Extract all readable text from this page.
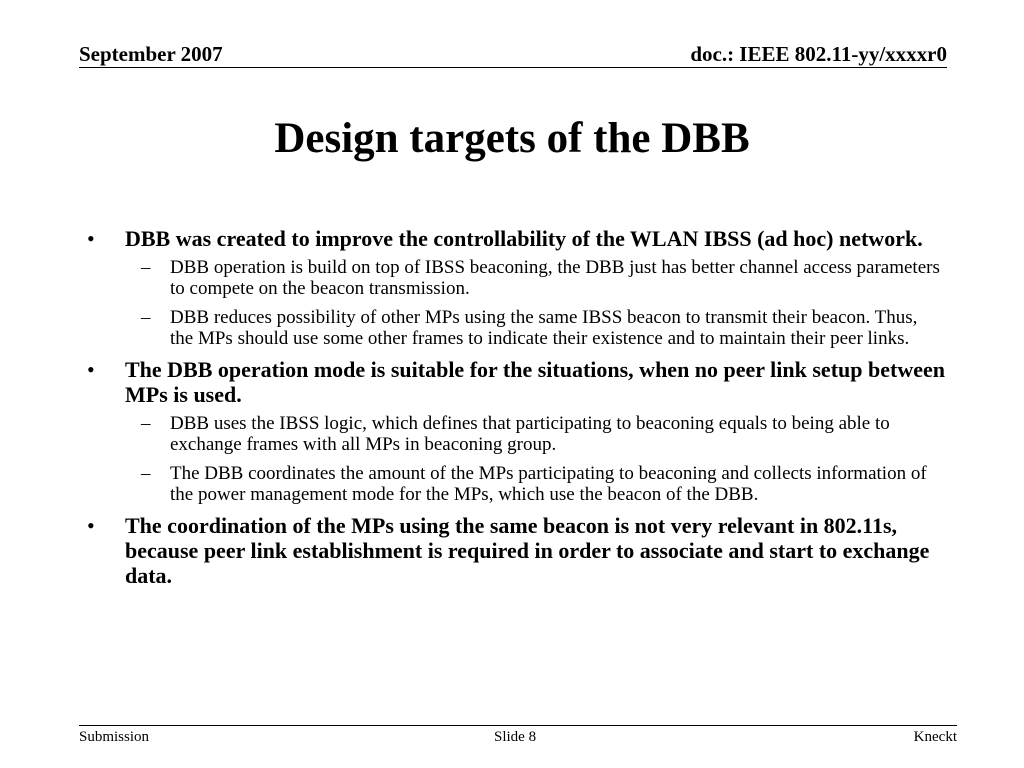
September 2007	doc.: IEEE 802.11-yy/xxxxr0
Design targets of the DBB
• DBB was created to improve the controllability of the WLAN IBSS (ad hoc) network.
– DBB operation is build on top of IBSS beaconing, the DBB just has better channel access parameters to compete on the beacon transmission.
– DBB reduces possibility of other MPs using the same IBSS beacon to transmit their beacon. Thus, the MPs should use some other frames to indicate their existence and to maintain their peer links.
• The DBB operation mode is suitable for the situations, when no peer link setup between MPs is used.
– DBB uses the IBSS logic, which defines that participating to beaconing equals to being able to exchange frames with all MPs in beaconing group.
– The DBB coordinates the amount of the MPs participating to beaconing and collects information of the power management mode for the MPs, which use the beacon of the DBB.
• The coordination of the MPs using the same beacon is not very relevant in 802.11s, because peer link establishment is required in order to associate and start to exchange data.
Submission	Slide 8	Kneckt
